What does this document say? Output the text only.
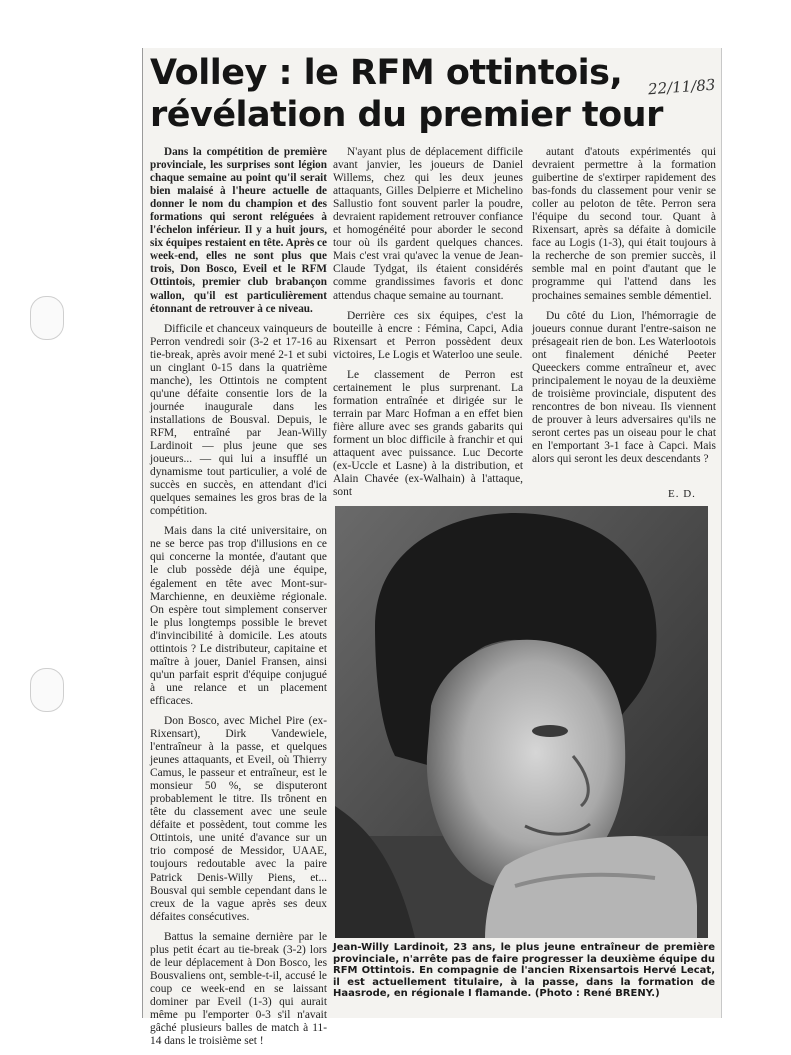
Volley : le RFM ottintois,
révélation du premier tour
22/11/83

Dans la compétition de première provinciale, les surprises sont légion chaque semaine au point qu'il serait bien malaisé à l'heure actuelle de donner le nom du champion et des formations qui seront reléguées à l'échelon inférieur. Il y a huit jours, six équipes restaient en tête. Après ce week-end, elles ne sont plus que trois, Don Bosco, Eveil et le RFM Ottintois, premier club brabançon wallon, qu'il est particulièrement étonnant de retrouver à ce niveau.

Difficile et chanceux vainqueurs de Perron vendredi soir (3-2 et 17-16 au tie-break, après avoir mené 2-1 et subi un cinglant 0-15 dans la quatrième manche), les Ottintois ne comptent qu'une défaite consentie lors de la journée inaugurale dans les installations de Bousval. Depuis, le RFM, entraîné par Jean-Willy Lardinoit — plus jeune que ses joueurs... — qui lui a insufflé un dynamisme tout particulier, a volé de succès en succès, en attendant d'ici quelques semaines les gros bras de la compétition.

Mais dans la cité universitaire, on ne se berce pas trop d'illusions en ce qui concerne la montée, d'autant que le club possède déjà une équipe, également en tête avec Mont-sur-Marchienne, en deuxième régionale. On espère tout simplement conserver le plus longtemps possible le brevet d'invincibilité à domicile. Les atouts ottintois ? Le distributeur, capitaine et maître à jouer, Daniel Fransen, ainsi qu'un parfait esprit d'équipe conjugué à une relance et un placement efficaces.

Don Bosco, avec Michel Pire (ex-Rixensart), Dirk Vandewiele, l'entraîneur à la passe, et quelques jeunes attaquants, et Eveil, où Thierry Camus, le passeur et entraîneur, est le monsieur 50 %, se disputeront probablement le titre. Ils trônent en tête du classement avec une seule défaite et possèdent, tout comme les Ottintois, une unité d'avance sur un trio composé de Messidor, UAAE, toujours redoutable avec la paire Patrick Denis-Willy Piens, et... Bousval qui semble cependant dans le creux de la vague après ses deux défaites consécutives.

Battus la semaine dernière par le plus petit écart au tie-break (3-2) lors de leur déplacement à Don Bosco, les Bousvaliens ont, semble-t-il, accusé le coup ce week-end en se laissant dominer par Eveil (1-3) qui aurait même pu l'emporter 0-3 s'il n'avait gâché plusieurs balles de match à 11-14 dans le troisième set !

N'ayant plus de déplacement difficile avant janvier, les joueurs de Daniel Willems, chez qui les deux jeunes attaquants, Gilles Delpierre et Michelino Sallustio font souvent parler la poudre, devraient rapidement retrouver confiance et homogénéité pour aborder le second tour où ils gardent quelques chances. Mais c'est vrai qu'avec la venue de Jean-Claude Tydgat, ils étaient considérés comme grandissimes favoris et donc attendus chaque semaine au tournant.

Derrière ces six équipes, c'est la bouteille à encre : Fémina, Capci, Adia Rixensart et Perron possèdent deux victoires, Le Logis et Waterloo une seule.

Le classement de Perron est certainement le plus surprenant. La formation entraînée et dirigée sur le terrain par Marc Hofman a en effet bien fière allure avec ses grands gabarits qui forment un bloc difficile à franchir et qui attaquent avec puissance. Luc Decorte (ex-Uccle et Lasne) à la distribution, et Alain Chavée (ex-Walhain) à l'attaque, sont

autant d'atouts expérimentés qui devraient permettre à la formation guibertine de s'extirper rapidement des bas-fonds du classement pour venir se coller au peloton de tête. Perron sera l'équipe du second tour. Quant à Rixensart, après sa défaite à domicile face au Logis (1-3), qui était toujours à la recherche de son premier succès, il semble mal en point d'autant que le programme qui l'attend dans les prochaines semaines semble démentiel.

Du côté du Lion, l'hémorragie de joueurs connue durant l'entre-saison ne présageait rien de bon. Les Waterlootois ont finalement déniché Peeter Queeckers comme entraîneur et, avec principalement le noyau de la deuxième de troisième provinciale, disputent des rencontres de bon niveau. Ils viennent de prouver à leurs adversaires qu'ils ne seront certes pas un oiseau pour le chat en l'emportant 3-1 face à Capci. Mais alors qui seront les deux descendants ?

E. D.

Jean-Willy Lardinoit, 23 ans, le plus jeune entraîneur de première provinciale, n'arrête pas de faire progresser la deuxième équipe du RFM Ottintois. En compagnie de l'ancien Rixensartois Hervé Lecat, il est actuellement titulaire, à la passe, dans la formation de Haasrode, en régionale I flamande. (Photo : René BRENY.)
